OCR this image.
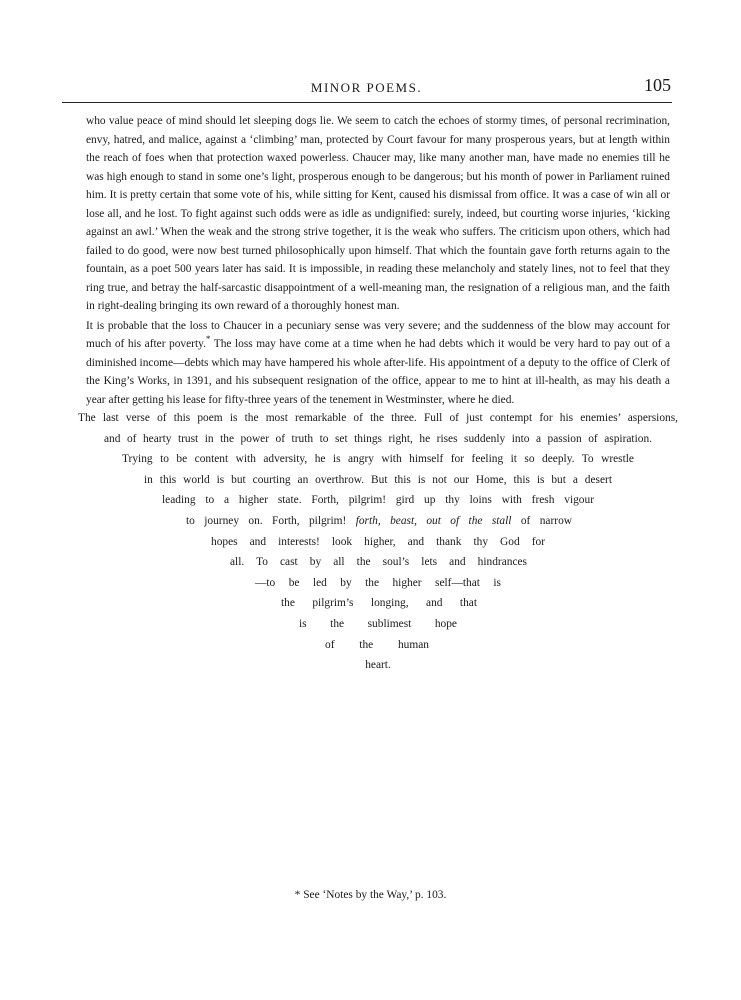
MINOR POEMS.	105

who value peace of mind should let sleeping dogs lie. We seem to catch the echoes of stormy times, of personal recrimination, envy, hatred, and malice, against a ‘climbing’ man, protected by Court favour for many prosperous years, but at length within the reach of foes when that protection waxed powerless. Chaucer may, like many another man, have made no enemies till he was high enough to stand in some one’s light, prosperous enough to be dangerous; but his month of power in Parliament ruined him. It is pretty certain that some vote of his, while sitting for Kent, caused his dismissal from office. It was a case of win all or lose all, and he lost. To fight against such odds were as idle as undignified: surely, indeed, but courting worse injuries, ‘kicking against an awl.’ When the weak and the strong strive together, it is the weak who suffers. The criticism upon others, which had failed to do good, were now best turned philosophically upon himself. That which the fountain gave forth returns again to the fountain, as a poet 500 years later has said. It is impossible, in reading these melancholy and stately lines, not to feel that they ring true, and betray the half-sarcastic disappointment of a well-meaning man, the resignation of a religious man, and the faith in right-dealing bringing its own reward of a thoroughly honest man.

It is probable that the loss to Chaucer in a pecuniary sense was very severe; and the suddenness of the blow may account for much of his after poverty.* The loss may have come at a time when he had debts which it would be very hard to pay out of a diminished income—debts which may have hampered his whole after-life. His appointment of a deputy to the office of Clerk of the King’s Works, in 1391, and his subsequent resignation of the office, appear to me to hint at ill-health, as may his death a year after getting his lease for fifty-three years of the tenement in Westminster, where he died.

The last verse of this poem is the most remarkable of the three. Full of just contempt for his enemies’ aspersions,
and of hearty trust in the power of truth to set things right, he rises suddenly into a passion of aspiration.
Trying to be content with adversity, he is angry with himself for feeling it so deeply. To wrestle
in this world is but courting an overthrow. But this is not our Home, this is but a desert
leading to a higher state. Forth, pilgrim! gird up thy loins with fresh vigour
to journey on. Forth, pilgrim! forth, beast, out of the stall of narrow
hopes and interests! look higher, and thank thy God for
all. To cast by all the soul’s lets and hindrances
—to be led by the higher self—that is
the pilgrim’s longing, and that
is the sublimest hope
of the human
heart.
* See ‘Notes by the Way,’ p. 103.
